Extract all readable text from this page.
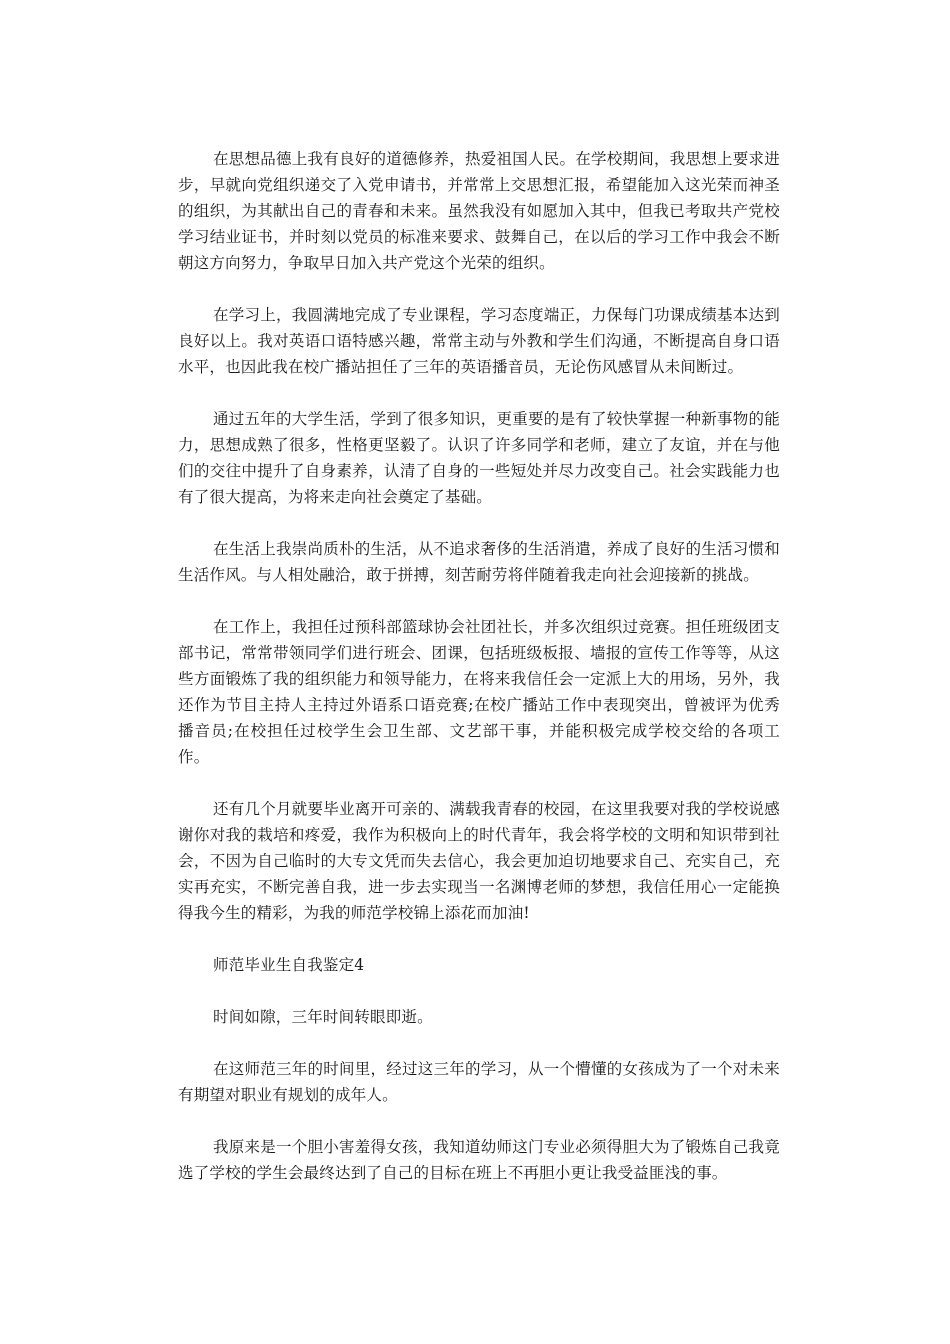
在思想品德上我有良好的道德修养，热爱祖国人民。在学校期间，我思想上要求进步，早就向党组织递交了入党申请书，并常常上交思想汇报，希望能加入这光荣而神圣的组织，为其献出自己的青春和未来。虽然我没有如愿加入其中，但我已考取共产党校学习结业证书，并时刻以党员的标准来要求、鼓舞自己，在以后的学习工作中我会不断朝这方向努力，争取早日加入共产党这个光荣的组织。

在学习上，我圆满地完成了专业课程，学习态度端正，力保每门功课成绩基本达到良好以上。我对英语口语特感兴趣，常常主动与外教和学生们沟通，不断提高自身口语水平，也因此我在校广播站担任了三年的英语播音员，无论伤风感冒从未间断过。

通过五年的大学生活，学到了很多知识，更重要的是有了较快掌握一种新事物的能力，思想成熟了很多，性格更坚毅了。认识了许多同学和老师，建立了友谊，并在与他们的交往中提升了自身素养，认清了自身的一些短处并尽力改变自己。社会实践能力也有了很大提高，为将来走向社会奠定了基础。

在生活上我崇尚质朴的生活，从不追求奢侈的生活消遣，养成了良好的生活习惯和生活作风。与人相处融洽，敢于拼搏，刻苦耐劳将伴随着我走向社会迎接新的挑战。

在工作上，我担任过预科部篮球协会社团社长，并多次组织过竞赛。担任班级团支部书记，常常带领同学们进行班会、团课，包括班级板报、墙报的宣传工作等等，从这些方面锻炼了我的组织能力和领导能力，在将来我信任会一定派上大的用场，另外，我还作为节目主持人主持过外语系口语竞赛;在校广播站工作中表现突出，曾被评为优秀播音员;在校担任过校学生会卫生部、文艺部干事，并能积极完成学校交给的各项工作。

还有几个月就要毕业离开可亲的、满载我青春的校园，在这里我要对我的学校说感谢你对我的栽培和疼爱，我作为积极向上的时代青年，我会将学校的文明和知识带到社会，不因为自己临时的大专文凭而失去信心，我会更加迫切地要求自己、充实自己，充实再充实，不断完善自我，进一步去实现当一名渊博老师的梦想，我信任用心一定能换得我今生的精彩，为我的师范学校锦上添花而加油!

师范毕业生自我鉴定4

时间如隙，三年时间转眼即逝。

在这师范三年的时间里，经过这三年的学习，从一个懵懂的女孩成为了一个对未来有期望对职业有规划的成年人。

我原来是一个胆小害羞得女孩，我知道幼师这门专业必须得胆大为了锻炼自己我竟选了学校的学生会最终达到了自己的目标在班上不再胆小更让我受益匪浅的事。
